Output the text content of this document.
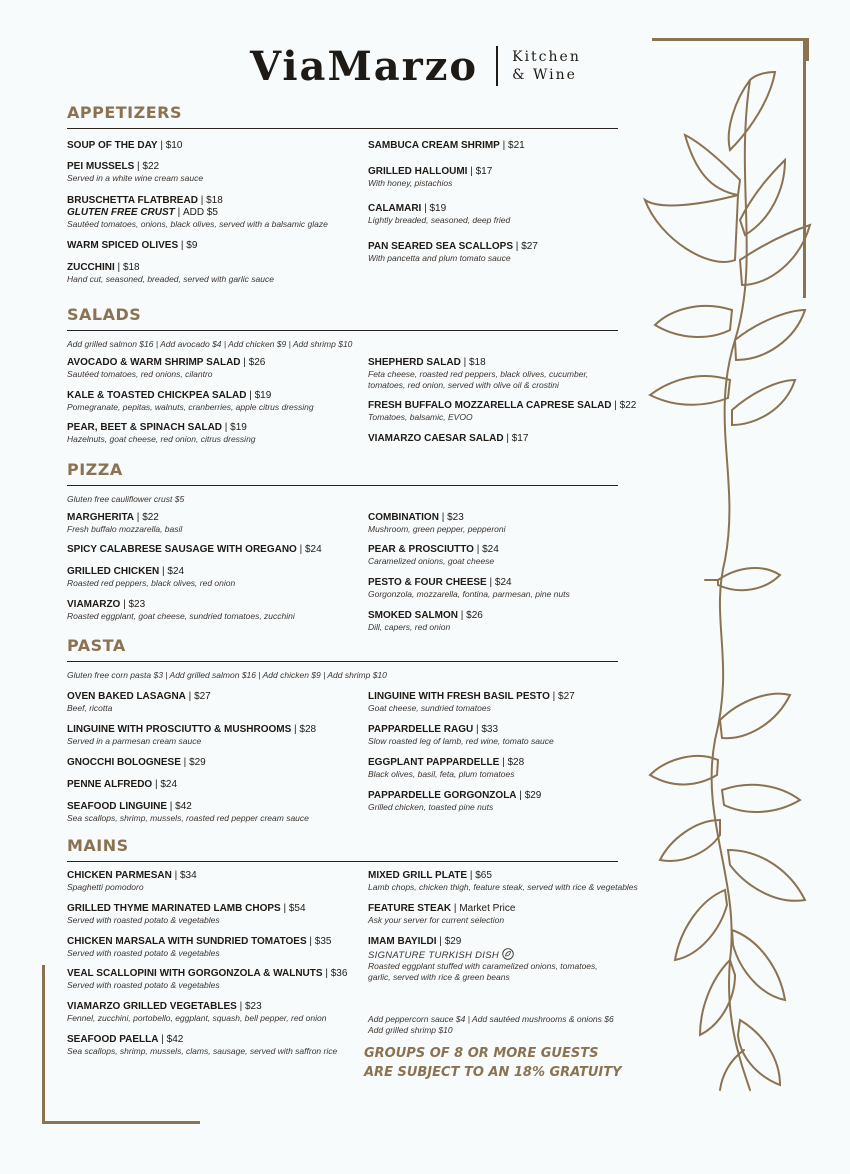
ViaMarzo Kitchen
& Wine
APPETIZERS
SOUP OF THE DAY | $10
PEI MUSSELS | $22
Served in a white wine cream sauce
BRUSCHETTA FLATBREAD | $18
GLUTEN FREE CRUST | ADD $5
Sautéed tomatoes, onions, black olives, served with a balsamic glaze
WARM SPICED OLIVES | $9
ZUCCHINI | $18
Hand cut, seasoned, breaded, served with garlic sauce
SAMBUCA CREAM SHRIMP | $21
GRILLED HALLOUMI | $17
With honey, pistachios
CALAMARI | $19
Lightly breaded, seasoned, deep fried
PAN SEARED SEA SCALLOPS | $27
With pancetta and plum tomato sauce
SALADS
Add grilled salmon $16 | Add avocado $4 | Add chicken $9 | Add shrimp $10
AVOCADO & WARM SHRIMP SALAD | $26
Sautéed tomatoes, red onions, cilantro
KALE & TOASTED CHICKPEA SALAD | $19
Pomegranate, pepitas, walnuts, cranberries, apple citrus dressing
PEAR, BEET & SPINACH SALAD | $19
Hazelnuts, goat cheese, red onion, citrus dressing
SHEPHERD SALAD | $18
Feta cheese, roasted red peppers, black olives, cucumber,
tomatoes, red onion, served with olive oil & crostini
FRESH BUFFALO MOZZARELLA CAPRESE SALAD | $22
Tomatoes, balsamic, EVOO
VIAMARZO CAESAR SALAD | $17
PIZZA
Gluten free cauliflower crust $5
MARGHERITA | $22
Fresh buffalo mozzarella, basil
SPICY CALABRESE SAUSAGE WITH OREGANO | $24
GRILLED CHICKEN | $24
Roasted red peppers, black olives, red onion
VIAMARZO | $23
Roasted eggplant, goat cheese, sundried tomatoes, zucchini
COMBINATION | $23
Mushroom, green pepper, pepperoni
PEAR & PROSCIUTTO | $24
Caramelized onions, goat cheese
PESTO & FOUR CHEESE | $24
Gorgonzola, mozzarella, fontina, parmesan, pine nuts
SMOKED SALMON | $26
Dill, capers, red onion
PASTA
Gluten free corn pasta $3 | Add grilled salmon $16 | Add chicken $9 | Add shrimp $10
OVEN BAKED LASAGNA | $27
Beef, ricotta
LINGUINE WITH PROSCIUTTO & MUSHROOMS | $28
Served in a parmesan cream sauce
GNOCCHI BOLOGNESE | $29
PENNE ALFREDO | $24
SEAFOOD LINGUINE | $42
Sea scallops, shrimp, mussels, roasted red pepper cream sauce
LINGUINE WITH FRESH BASIL PESTO | $27
Goat cheese, sundried tomatoes
PAPPARDELLE RAGU | $33
Slow roasted leg of lamb, red wine, tomato sauce
EGGPLANT PAPPARDELLE | $28
Black olives, basil, feta, plum tomatoes
PAPPARDELLE GORGONZOLA | $29
Grilled chicken, toasted pine nuts
MAINS
CHICKEN PARMESAN | $34
Spaghetti pomodoro
GRILLED THYME MARINATED LAMB CHOPS | $54
Served with roasted potato & vegetables
CHICKEN MARSALA WITH SUNDRIED TOMATOES | $35
Served with roasted potato & vegetables
VEAL SCALLOPINI WITH GORGONZOLA & WALNUTS | $36
Served with roasted potato & vegetables
VIAMARZO GRILLED VEGETABLES | $23
Fennel, zucchini, portobello, eggplant, squash, bell pepper, red onion
SEAFOOD PAELLA | $42
Sea scallops, shrimp, mussels, clams, sausage, served with saffron rice
MIXED GRILL PLATE | $65
Lamb chops, chicken thigh, feature steak, served with rice & vegetables
FEATURE STEAK | Market Price
Ask your server for current selection
IMAM BAYILDI | $29
SIGNATURE TURKISH DISH
Roasted eggplant stuffed with caramelized onions, tomatoes,
garlic, served with rice & green beans
Add peppercorn sauce $4 | Add sautéed mushrooms & onions $6
Add grilled shrimp $10
GROUPS OF 8 OR MORE GUESTS
ARE SUBJECT TO AN 18% GRATUITY
